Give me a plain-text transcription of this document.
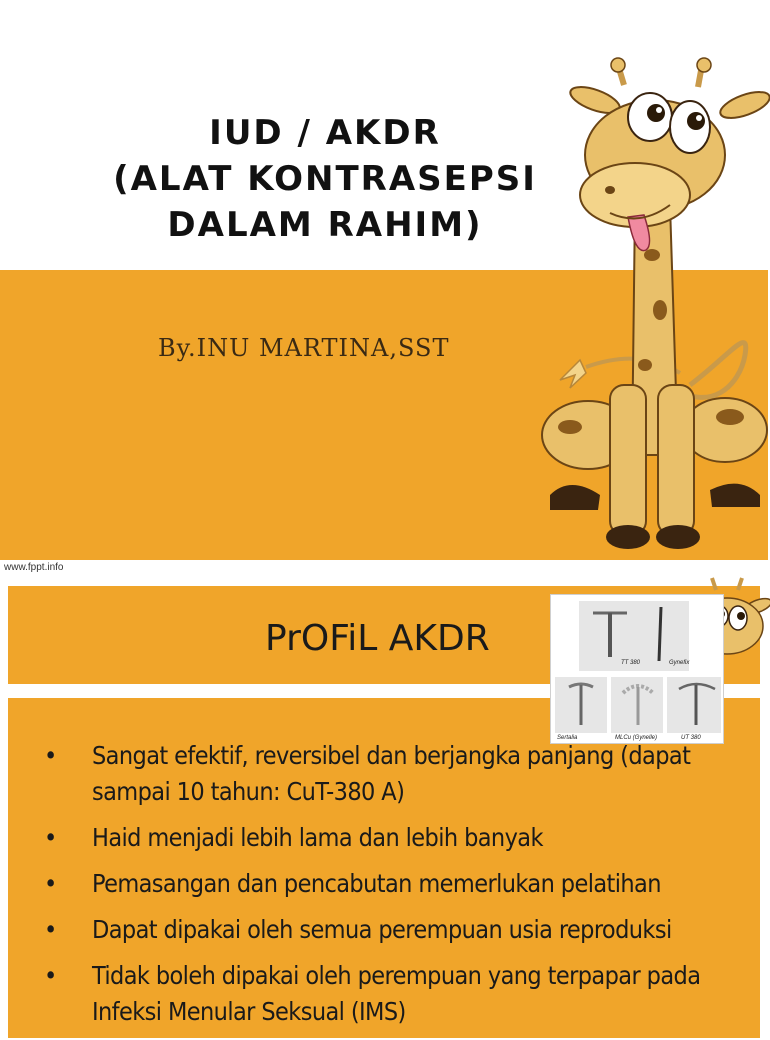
IUD / AKDR
(ALAT KONTRASEPSI
DALAM RAHIM)
By.INU MARTINA,SST
www.fppt.info
PrOFiL AKDR
TT 380	Gynefix
Sertalia	MLCu (Gynelle)	UT 380
• Sangat efektif, reversibel dan berjangka panjang (dapat sampai 10 tahun: CuT-380 A)
• Haid menjadi lebih lama dan lebih banyak
• Pemasangan dan pencabutan memerlukan pelatihan
• Dapat dipakai oleh semua perempuan usia reproduksi
• Tidak boleh dipakai oleh perempuan yang terpapar pada Infeksi Menular Seksual (IMS)
